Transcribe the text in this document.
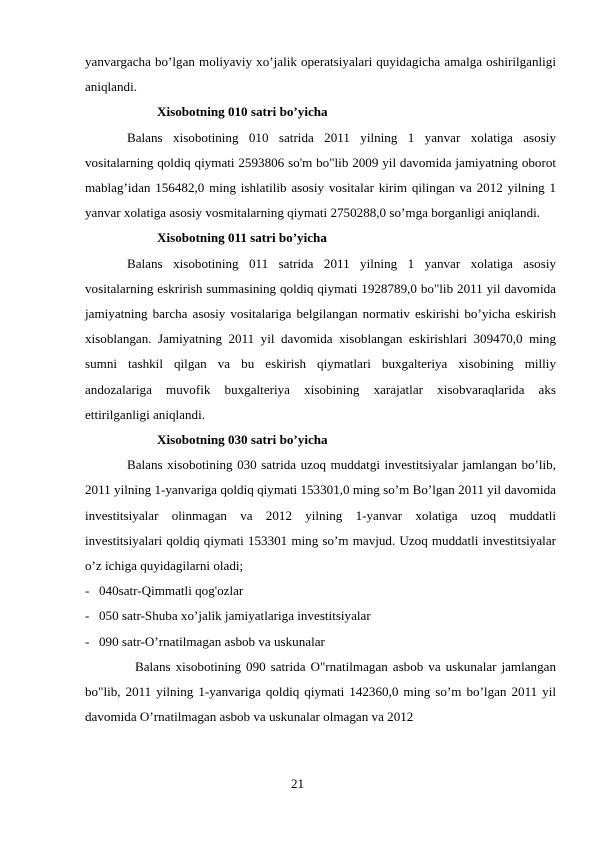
yanvargacha bo’lgan moliyaviy xo’jalik operatsiyalari quyidagicha amalga oshirilganligi aniqlandi.

Xisobotning 010 satri bo’yicha

Balans xisobotining 010 satrida 2011 yilning 1 yanvar xolatiga asosiy vositalarning qoldiq qiymati 2593806 so'm bo"lib 2009 yil davomida jamiyatning oborot mablag’idan 156482,0 ming ishlatilib asosiy vositalar kirim qilingan va 2012 yilning 1 yanvar xolatiga asosiy vosmitalarning qiymati 2750288,0 so’mga borganligi aniqlandi.

Xisobotning 011 satri bo’yicha

Balans xisobotining 011 satrida 2011 yilning 1 yanvar xolatiga asosiy vositalarning eskrirish summasining qoldiq qiymati 1928789,0 bo"lib 2011 yil davomida jamiyatning barcha asosiy vositalariga belgilangan normativ eskirishi bo’yicha eskirish xisoblangan. Jamiyatning 2011 yil davomida xisoblangan eskirishlari 309470,0 ming sumni tashkil qilgan va bu eskirish qiymatlari buxgalteriya xisobining milliy andozalariga muvofik buxgalteriya xisobining xarajatlar xisobvaraqlarida aks ettirilganligi aniqlandi.

Xisobotning 030 satri bo’yicha

Balans xisobotining 030 satrida uzoq muddatgi investitsiyalar jamlangan bo’lib, 2011 yilning 1-yanvariga qoldiq qiymati 153301,0 ming so’m Bo’lgan 2011 yil davomida investitsiyalar olinmagan va 2012 yilning 1-yanvar xolatiga uzoq muddatli investitsiyalari qoldiq qiymati 153301 ming so’m mavjud. Uzoq muddatli investitsiyalar o’z ichiga quyidagilarni oladi;

- 040satr-Qimmatli qog'ozlar
- 050 satr-Shuba xo’jalik jamiyatlariga investitsiyalar
- 090 satr-O’rnatilmagan asbob va uskunalar

Balans xisobotining 090 satrida O"rnatilmagan asbob va uskunalar jamlangan bo"lib, 2011 yilning 1-yanvariga qoldiq qiymati 142360,0 ming so’m bo’lgan 2011 yil davomida O’rnatilmagan asbob va uskunalar olmagan va 2012

21
